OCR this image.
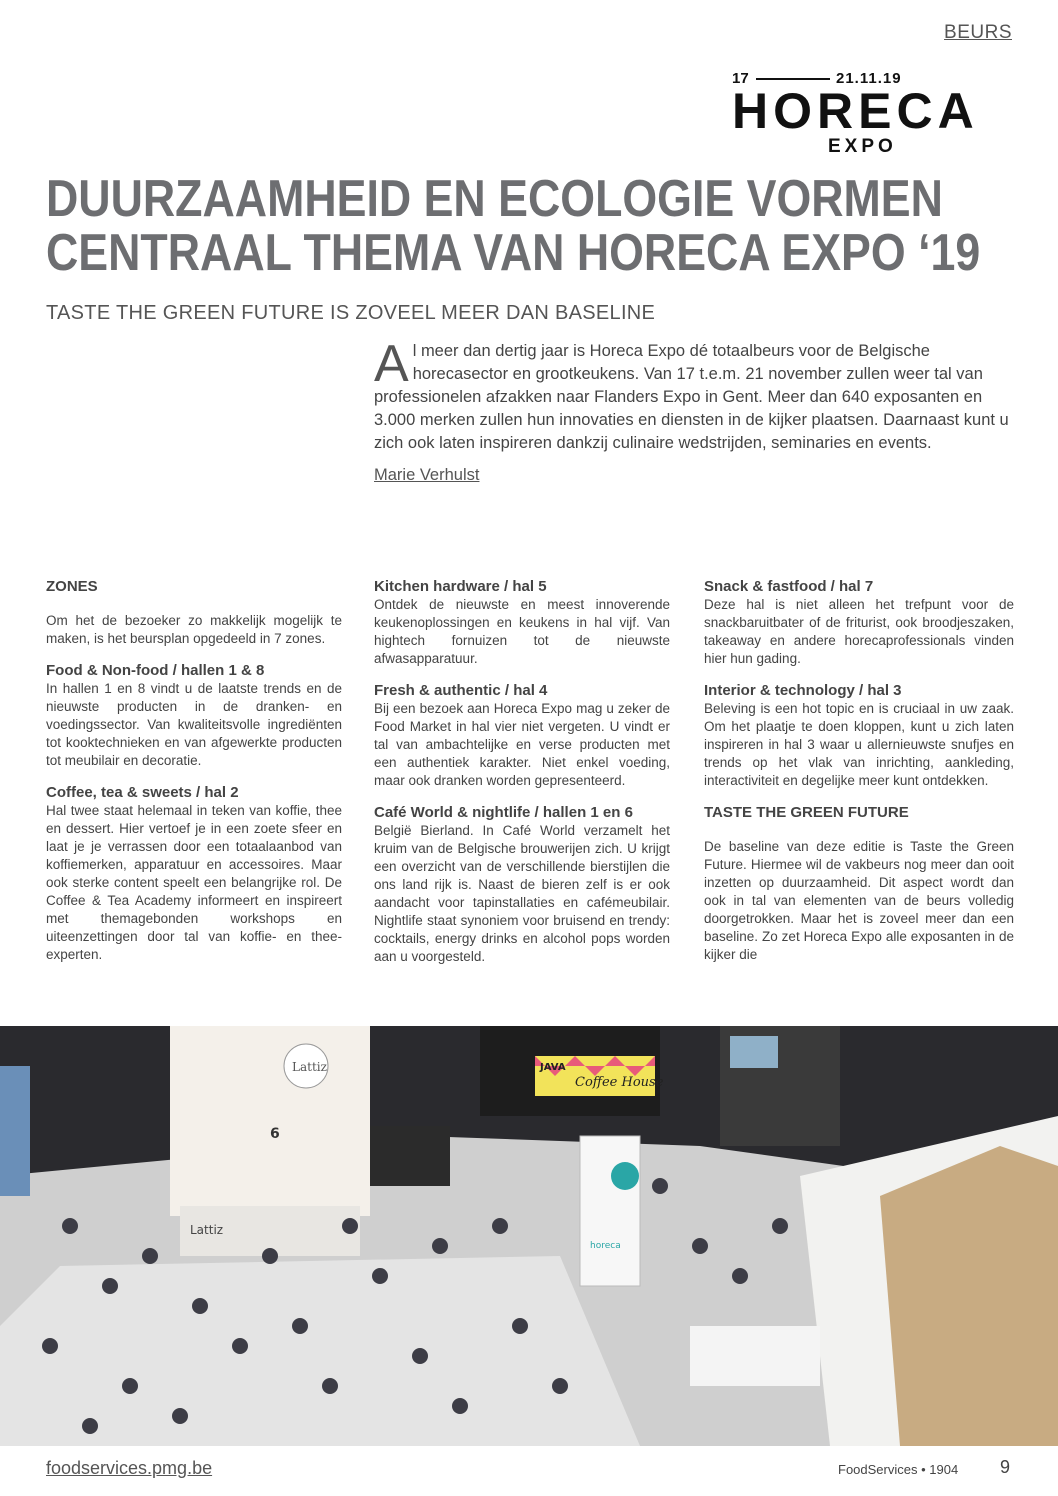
BEURS
17	21.11.19
HORECA
EXPO
DUURZAAMHEID EN ECOLOGIE VORMEN
CENTRAAL THEMA VAN HORECA EXPO ‘19
TASTE THE GREEN FUTURE IS ZOVEEL MEER DAN BASELINE
A l meer dan dertig jaar is Horeca Expo dé totaalbeurs voor de Belgische horecasector en grootkeukens. Van 17 t.e.m. 21 november zullen weer tal van professionelen afzakken naar Flanders Expo in Gent. Meer dan 640 exposanten en 3.000 merken zullen hun innovaties en diensten in de kijker plaatsen. Daarnaast kunt u zich ook laten inspireren dankzij culinaire wedstrijden, seminaries en events.
Marie Verhulst
ZONES
Om het de bezoeker zo makkelijk mogelijk te maken, is het beursplan opgedeeld in 7 zones.
Food & Non-food / hallen 1 & 8
In hallen 1 en 8 vindt u de laatste trends en de nieuwste producten in de dranken- en voedingssector. Van kwaliteitsvolle ingrediënten tot kooktechnieken en van afgewerkte producten tot meubilair en decoratie.
Coffee, tea & sweets / hal 2
Hal twee staat helemaal in teken van koffie, thee en dessert. Hier vertoef je in een zoete sfeer en laat je je verrassen door een totaalaanbod van koffiemerken, apparatuur en accessoires. Maar ook sterke content speelt een belangrijke rol. De Coffee & Tea Academy informeert en inspireert met themagebonden workshops en uiteenzettingen door tal van koffie- en thee-experten.
Kitchen hardware / hal 5
Ontdek de nieuwste en meest innoverende keukenoplossingen en keukens in hal vijf. Van hightech fornuizen tot de nieuwste afwasapparatuur.
Fresh & authentic / hal 4
Bij een bezoek aan Horeca Expo mag u zeker de Food Market in hal vier niet vergeten. U vindt er tal van ambachtelijke en verse producten met een authentiek karakter. Niet enkel voeding, maar ook dranken worden gepresenteerd.
Café World & nightlife / hallen 1 en 6
België Bierland. In Café World verzamelt het kruim van de Belgische brouwerijen zich. U krijgt een overzicht van de verschillende bierstijlen die ons land rijk is. Naast de bieren zelf is er ook aandacht voor tapinstallaties en cafémeubilair. Nightlife staat synoniem voor bruisend en trendy: cocktails, energy drinks en alcohol pops worden aan u voorgesteld.
Snack & fastfood / hal 7
Deze hal is niet alleen het trefpunt voor de snackbaruitbater of de friturist, ook broodjeszaken, takeaway en andere horecaprofessionals vinden hier hun gading.
Interior & technology / hal 3
Beleving is een hot topic en is cruciaal in uw zaak. Om het plaatje te doen kloppen, kunt u zich laten inspireren in hal 3 waar u allernieuwste snufjes en trends op het vlak van inrichting, aankleding, interactiviteit en degelijke meer kunt ontdekken.
TASTE THE GREEN FUTURE
De baseline van deze editie is Taste the Green Future. Hiermee wil de vakbeurs nog meer dan ooit inzetten op duurzaamheid. Dit aspect wordt dan ook in tal van elementen van de beurs volledig doorgetrokken. Maar het is zoveel meer dan een baseline. Zo zet Horeca Expo alle exposanten in de kijker die
Lattiz
6
Lattiz
JAVA
Coffee House
horeca
foodservices.pmg.be	FoodServices • 1904 9
